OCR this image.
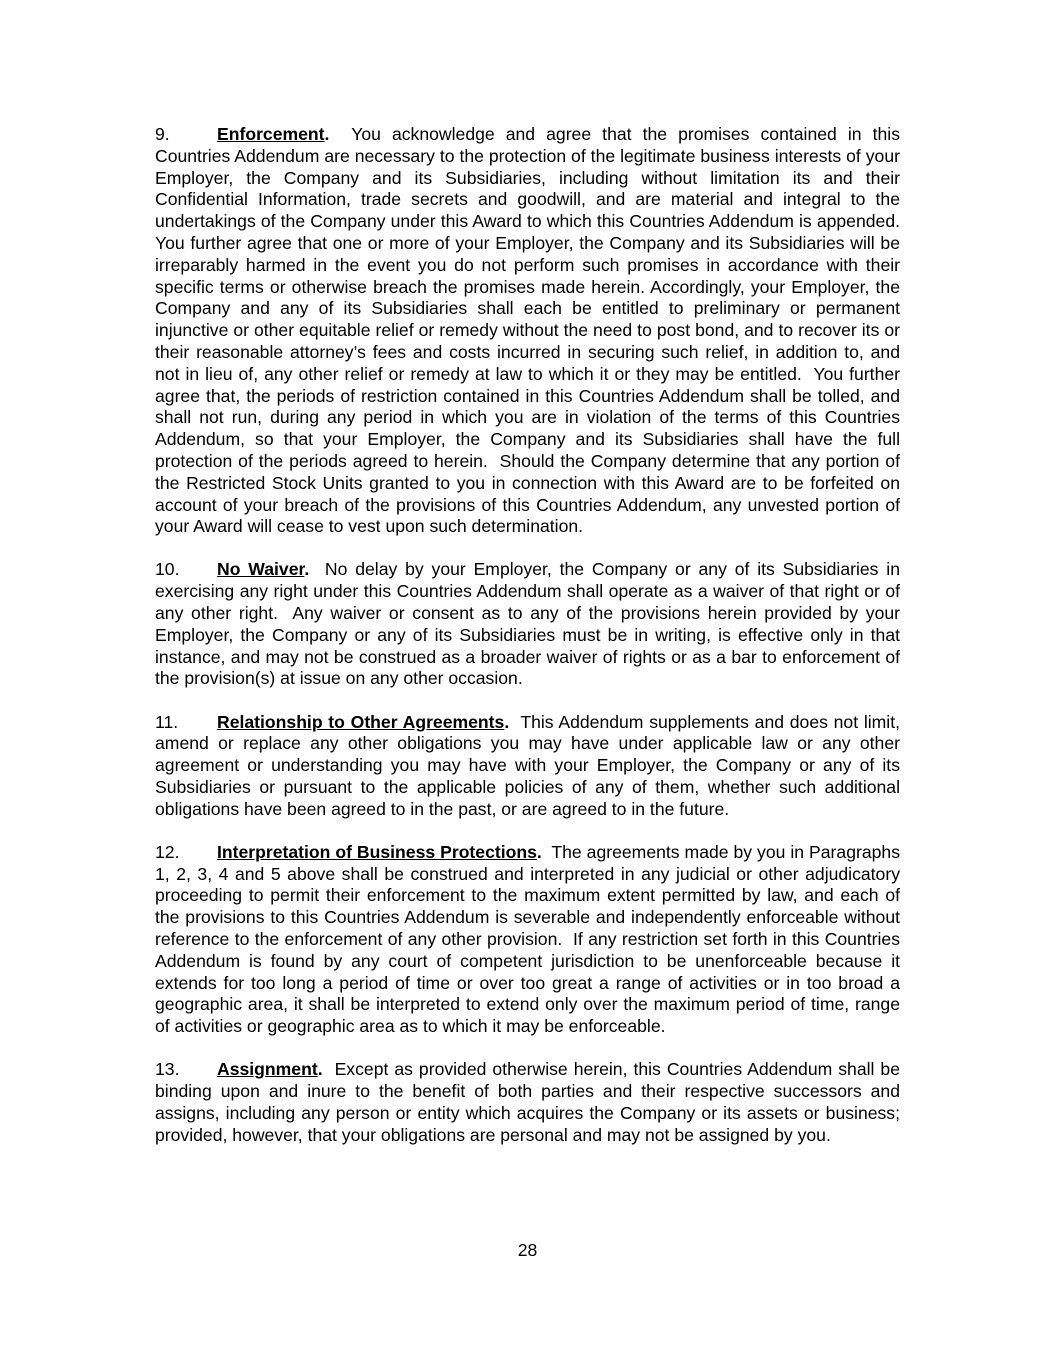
9.	Enforcement.  You acknowledge and agree that the promises contained in this Countries Addendum are necessary to the protection of the legitimate business interests of your Employer, the Company and its Subsidiaries, including without limitation its and their Confidential Information, trade secrets and goodwill, and are material and integral to the undertakings of the Company under this Award to which this Countries Addendum is appended.  You further agree that one or more of your Employer, the Company and its Subsidiaries will be irreparably harmed in the event you do not perform such promises in accordance with their specific terms or otherwise breach the promises made herein. Accordingly, your Employer, the Company and any of its Subsidiaries shall each be entitled to preliminary or permanent injunctive or other equitable relief or remedy without the need to post bond, and to recover its or their reasonable attorney’s fees and costs incurred in securing such relief, in addition to, and not in lieu of, any other relief or remedy at law to which it or they may be entitled.  You further agree that, the periods of restriction contained in this Countries Addendum shall be tolled, and shall not run, during any period in which you are in violation of the terms of this Countries Addendum, so that your Employer, the Company and its Subsidiaries shall have the full protection of the periods agreed to herein.  Should the Company determine that any portion of the Restricted Stock Units granted to you in connection with this Award are to be forfeited on account of your breach of the provisions of this Countries Addendum, any unvested portion of your Award will cease to vest upon such determination.

10. No Waiver.  No delay by your Employer, the Company or any of its Subsidiaries in exercising any right under this Countries Addendum shall operate as a waiver of that right or of any other right.  Any waiver or consent as to any of the provisions herein provided by your Employer, the Company or any of its Subsidiaries must be in writing, is effective only in that instance, and may not be construed as a broader waiver of rights or as a bar to enforcement of the provision(s) at issue on any other occasion.

11. Relationship to Other Agreements.  This Addendum supplements and does not limit, amend or replace any other obligations you may have under applicable law or any other agreement or understanding you may have with your Employer, the Company or any of its Subsidiaries or pursuant to the applicable policies of any of them, whether such additional obligations have been agreed to in the past, or are agreed to in the future.

12. Interpretation of Business Protections.  The agreements made by you in Paragraphs 1, 2, 3, 4 and 5 above shall be construed and interpreted in any judicial or other adjudicatory proceeding to permit their enforcement to the maximum extent permitted by law, and each of the provisions to this Countries Addendum is severable and independently enforceable without reference to the enforcement of any other provision.  If any restriction set forth in this Countries Addendum is found by any court of competent jurisdiction to be unenforceable because it extends for too long a period of time or over too great a range of activities or in too broad a geographic area, it shall be interpreted to extend only over the maximum period of time, range of activities or geographic area as to which it may be enforceable.

13. Assignment.  Except as provided otherwise herein, this Countries Addendum shall be binding upon and inure to the benefit of both parties and their respective successors and assigns, including any person or entity which acquires the Company or its assets or business; provided, however, that your obligations are personal and may not be assigned by you.

28
